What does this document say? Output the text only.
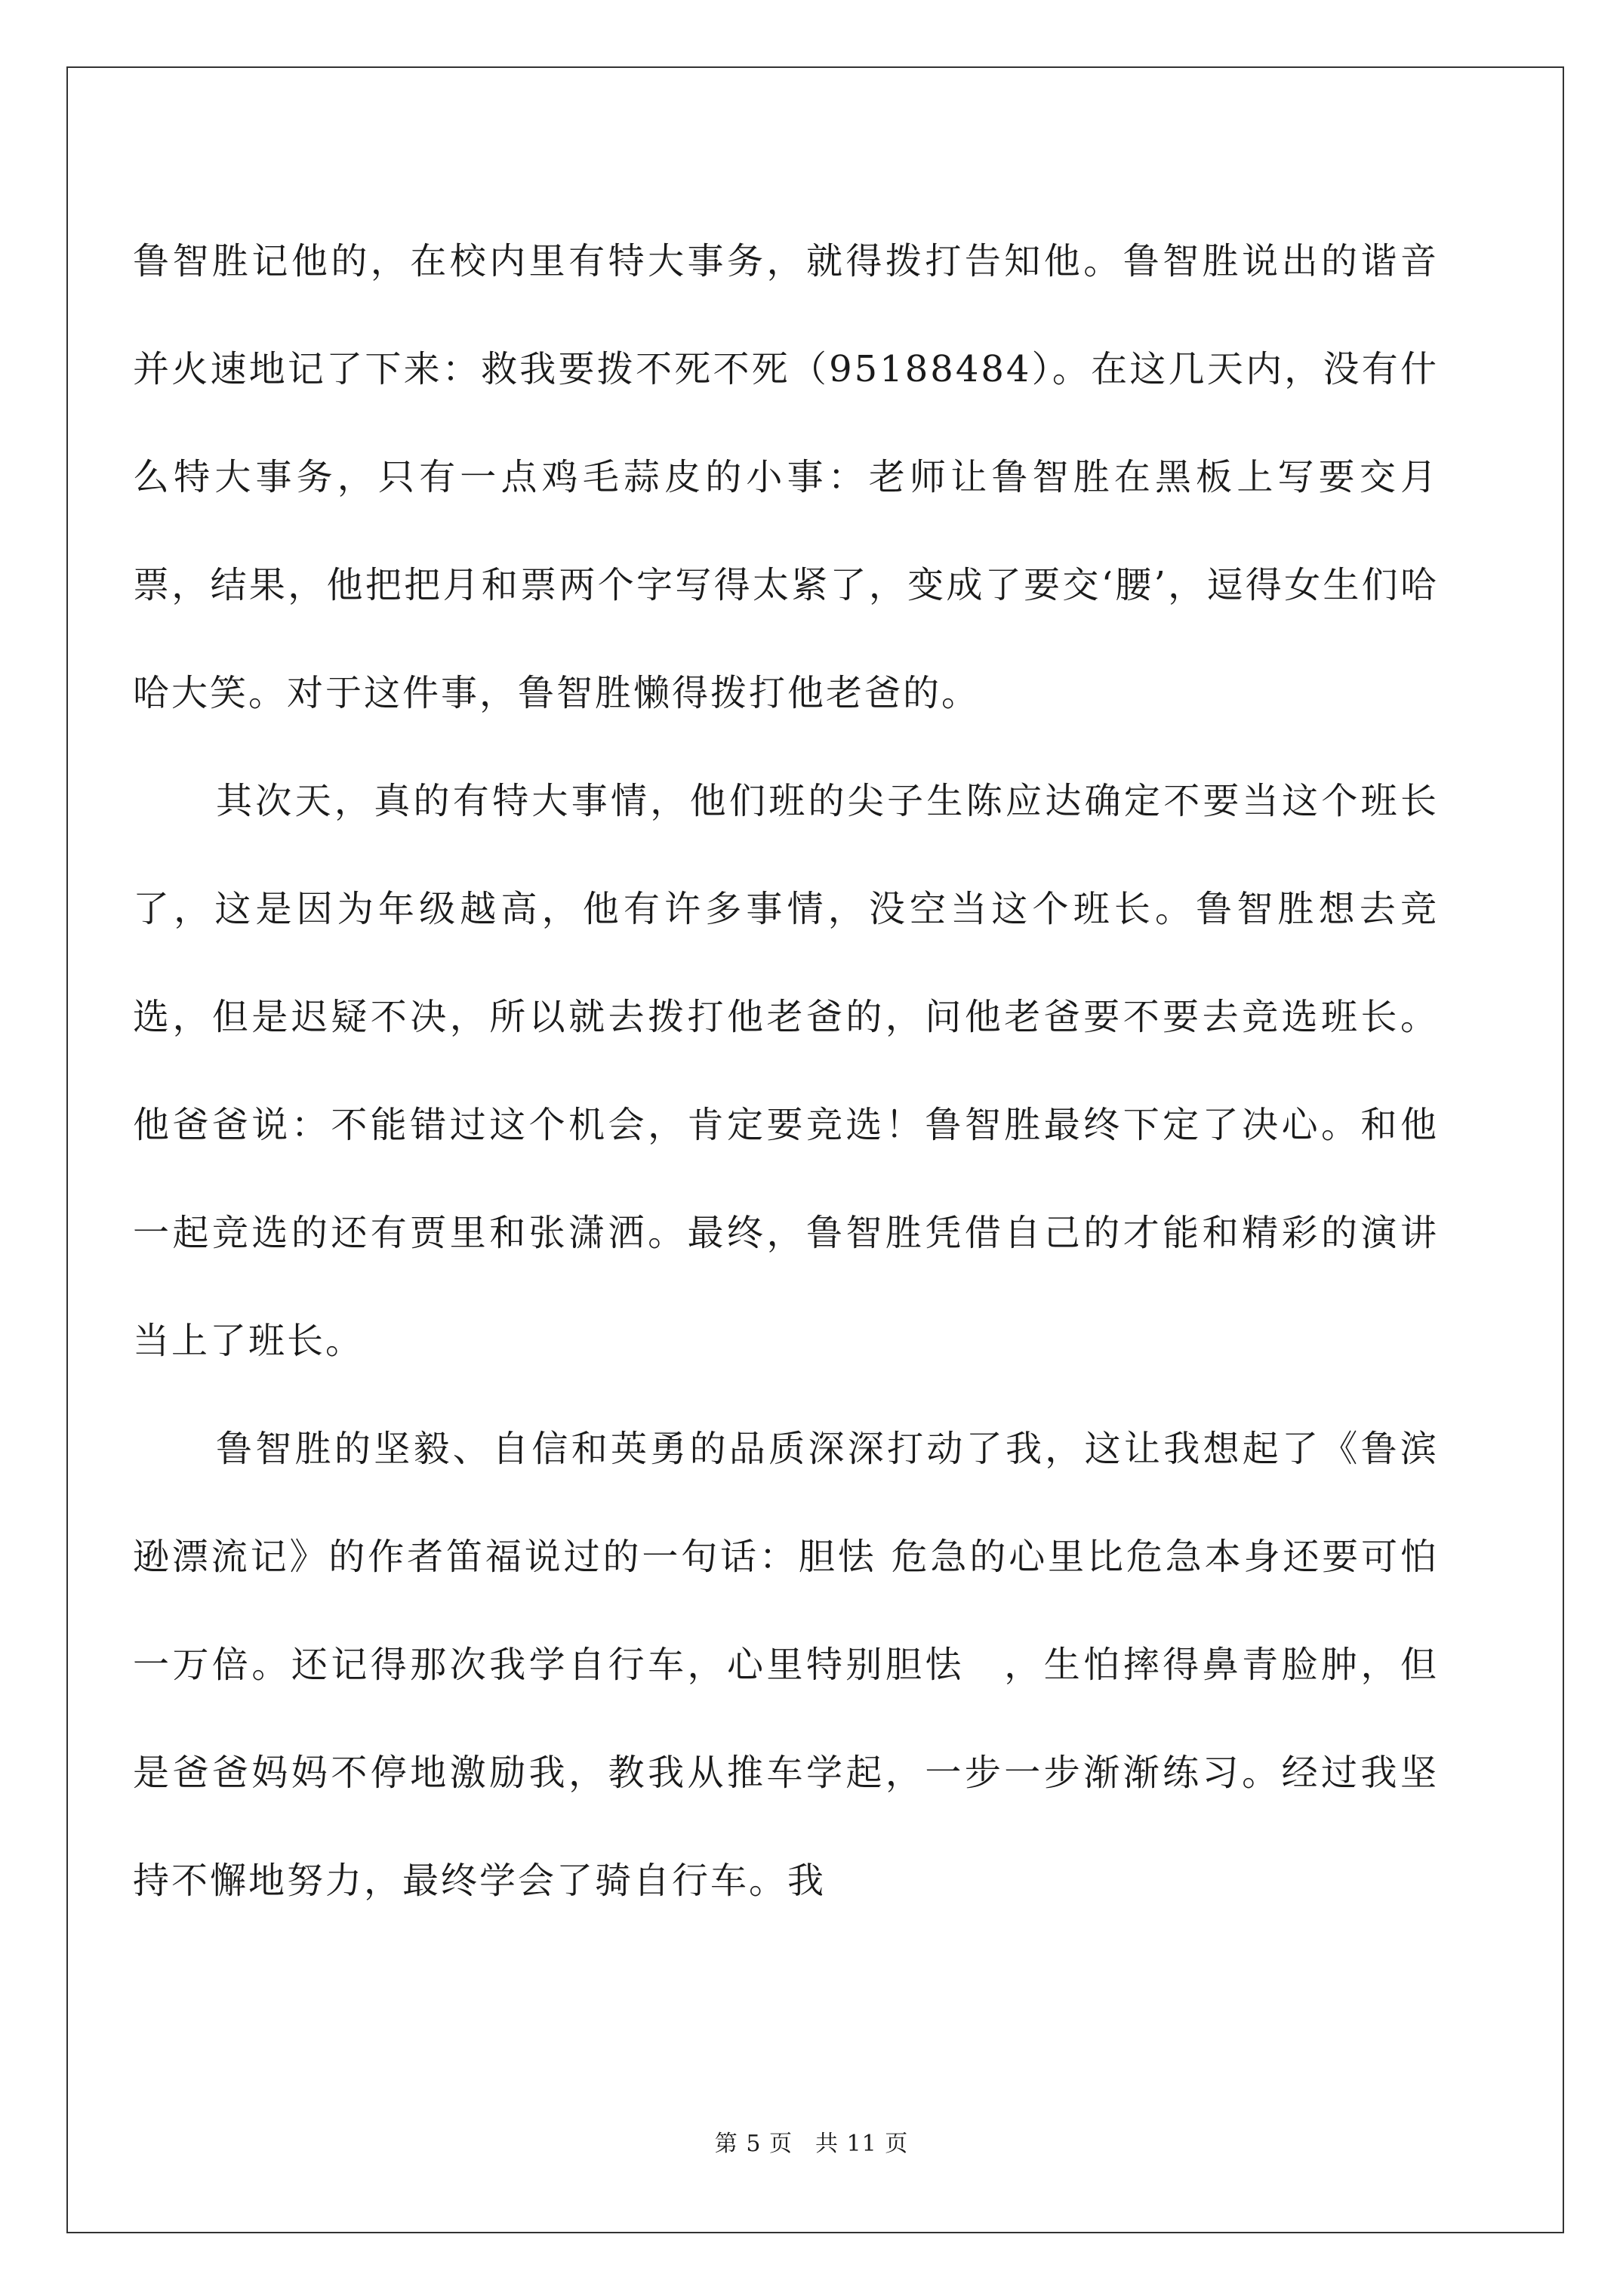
鲁智胜记他的，在校内里有特大事务，就得拨打告知他。鲁智胜说出的谐音并火速地记了下来：救我要拨不死不死（95188484）。在这几天内，没有什么特大事务，只有一点鸡毛蒜皮的小事：老师让鲁智胜在黑板上写要交月票，结果，他把把月和票两个字写得太紧了，变成了要交‘腰’，逗得女生们哈哈大笑。对于这件事，鲁智胜懒得拨打他老爸的。

其次天，真的有特大事情，他们班的尖子生陈应达确定不要当这个班长了，这是因为年级越高，他有许多事情，没空当这个班长。鲁智胜想去竞选，但是迟疑不决，所以就去拨打他老爸的，问他老爸要不要去竞选班长。他爸爸说：不能错过这个机会，肯定要竞选！鲁智胜最终下定了决心。和他一起竞选的还有贾里和张潇洒。最终，鲁智胜凭借自己的才能和精彩的演讲当上了班长。

鲁智胜的坚毅、自信和英勇的品质深深打动了我，这让我想起了《鲁滨逊漂流记》的作者笛福说过的一句话：胆怯 危急的心里比危急本身还要可怕一万倍。还记得那次我学自行车，心里特别胆怯　，生怕摔得鼻青脸肿，但是爸爸妈妈不停地激励我，教我从推车学起，一步一步渐渐练习。经过我坚持不懈地努力，最终学会了骑自行车。我

第 5 页 共 11 页
